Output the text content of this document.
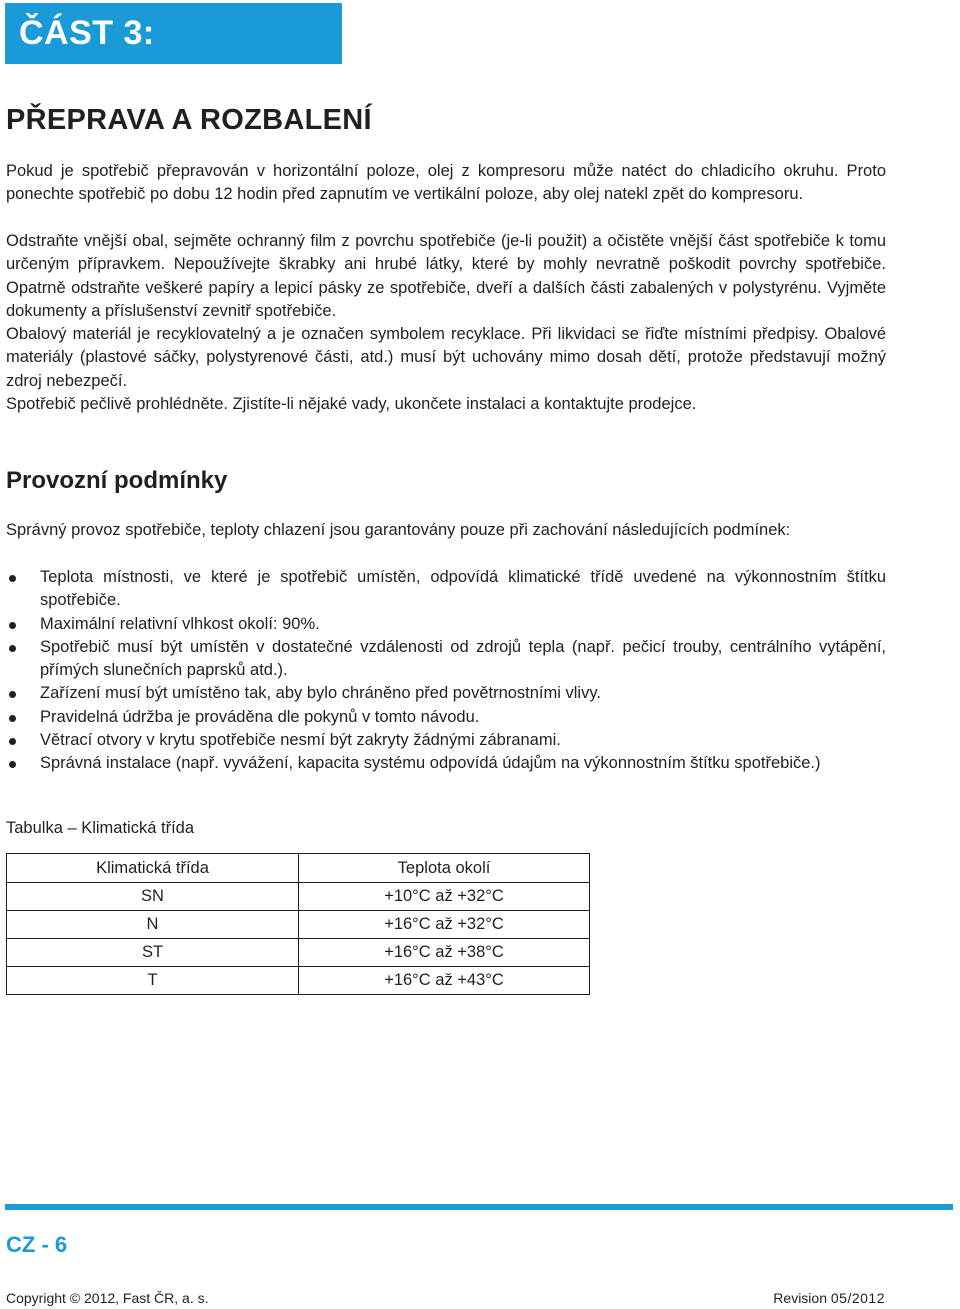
ČÁST 3: INSTALACE
PŘEPRAVA A ROZBALENÍ

Pokud je spotřebič přepravován v horizontální poloze, olej z kompresoru může natéct do chladicího okruhu. Proto ponechte spotřebič po dobu 12 hodin před zapnutím ve vertikální poloze, aby olej natekl zpět do kompresoru.

Odstraňte vnější obal, sejměte ochranný film z povrchu spotřebiče (je-li použit) a očistěte vnější část spotřebiče k tomu určeným přípravkem. Nepoužívejte škrabky ani hrubé látky, které by mohly nevratně poškodit povrchy spotřebiče. Opatrně odstraňte veškeré papíry a lepicí pásky ze spotřebiče, dveří a dalších části zabalených v polystyrénu. Vyjměte dokumenty a příslušenství zevnitř spotřebiče.

Obalový materiál je recyklovatelný a je označen symbolem recyklace. Při likvidaci se řiďte místními předpisy. Obalové materiály (plastové sáčky, polystyrenové části, atd.) musí být uchovány mimo dosah dětí, protože představují možný zdroj nebezpečí.

Spotřebič pečlivě prohlédněte. Zjistíte-li nějaké vady, ukončete instalaci a kontaktujte prodejce.

Provozní podmínky

Správný provoz spotřebiče, teploty chlazení jsou garantovány pouze při zachování následujících podmínek:

Teplota místnosti, ve které je spotřebič umístěn, odpovídá klimatické třídě uvedené na výkonnostním štítku spotřebiče.
Maximální relativní vlhkost okolí: 90%.
Spotřebič musí být umístěn v dostatečné vzdálenosti od zdrojů tepla (např. pečicí trouby, centrálního vytápění, přímých slunečních paprsků atd.).
Zařízení musí být umístěno tak, aby bylo chráněno před povětrnostními vlivy.
Pravidelná údržba je prováděna dle pokynů v tomto návodu.
Větrací otvory v krytu spotřebiče nesmí být zakryty žádnými zábranami.
Správná instalace (např. vyvážení, kapacita systému odpovídá údajům na výkonnostním štítku spotřebiče.)

Tabulka – Klimatická třída

Klimatická třída	Teplota okolí
SN	+10°C až +32°C
N	+16°C až +32°C
ST	+16°C až +38°C
T	+16°C až +43°C
CZ - 6
Copyright © 2012, Fast ČR, a. s.	Revision 05/2012
